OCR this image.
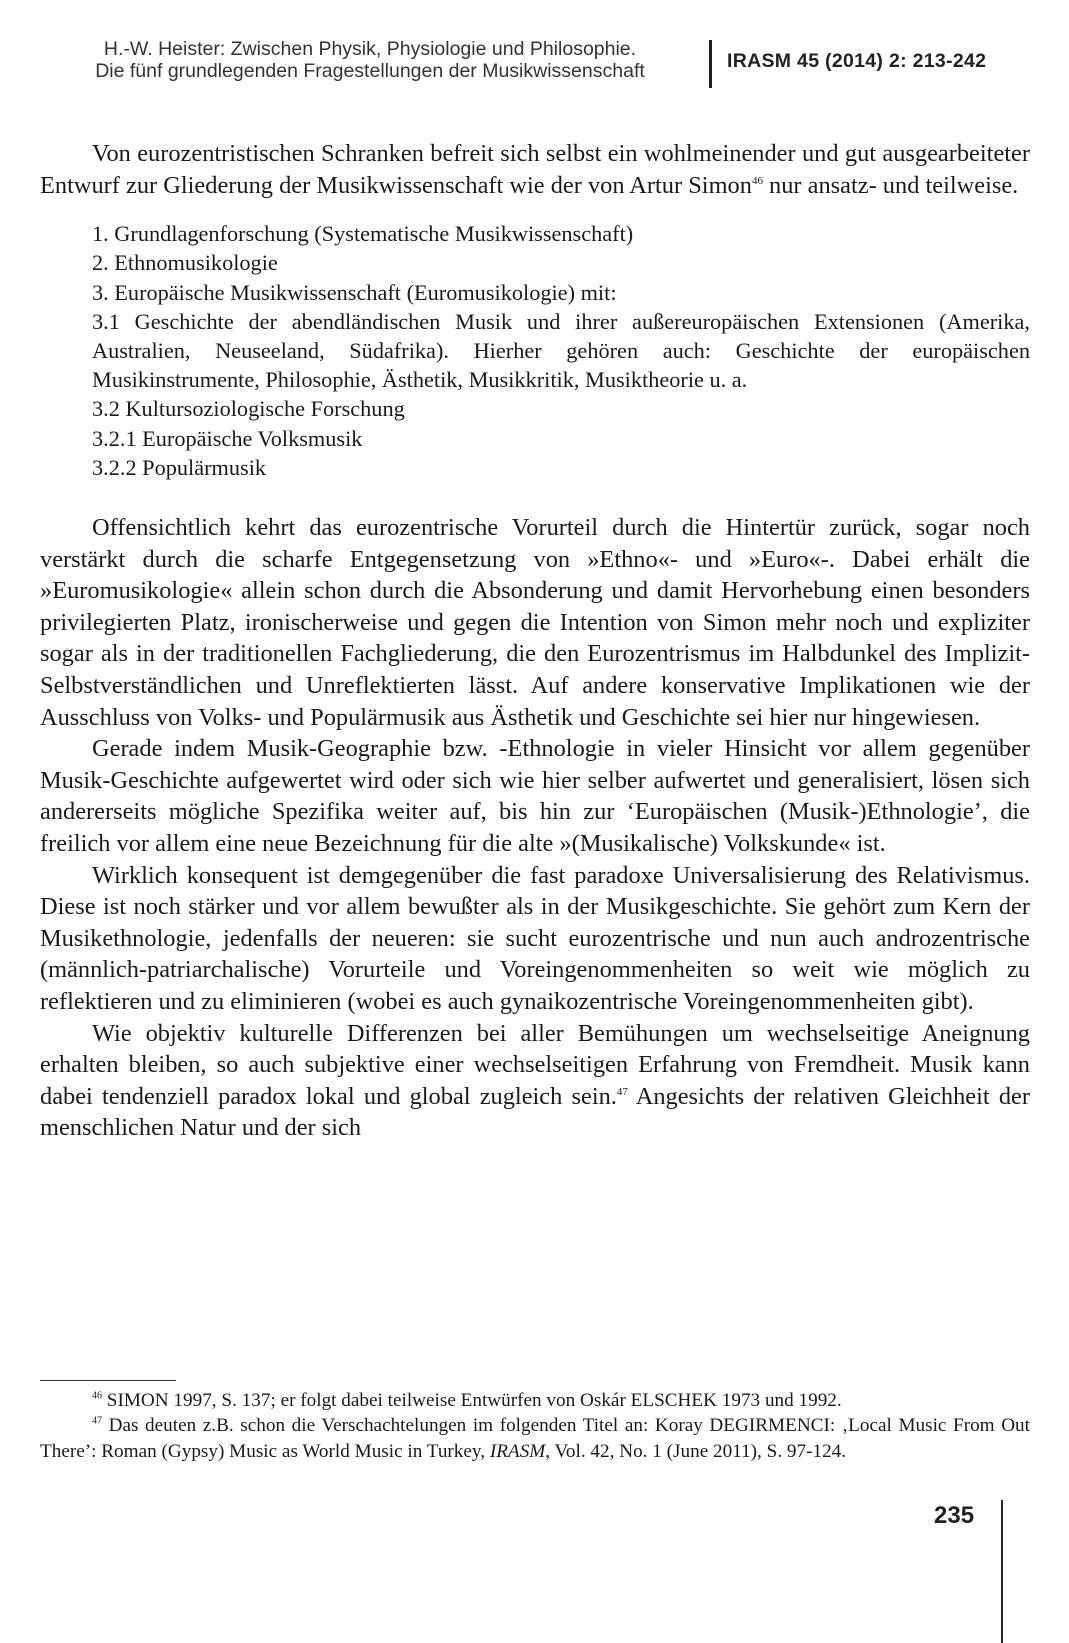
H.-W. Heister: Zwischen Physik, Physiologie und Philosophie.
Die fünf grundlegenden Fragestellungen der Musikwissenschaft	IRASM 45 (2014) 2: 213-242

Von eurozentristischen Schranken befreit sich selbst ein wohlmeinender und gut ausgearbeiteter Entwurf zur Gliederung der Musikwissenschaft wie der von Artur Simon$^{46}$ nur ansatz- und teilweise.

1. Grundlagenforschung (Systematische Musikwissenschaft)
2. Ethnomusikologie
3. Europäische Musikwissenschaft (Euromusikologie) mit:
3.1 Geschichte der abendländischen Musik und ihrer außereuropäischen Extensionen (Amerika, Australien, Neuseeland, Südafrika). Hierher gehören auch: Geschichte der europäischen Musikinstrumente, Philosophie, Ästhetik, Musikkritik, Musiktheorie u. a.
3.2 Kultursoziologische Forschung
3.2.1 Europäische Volksmusik
3.2.2 Populärmusik

Offensichtlich kehrt das eurozentrische Vorurteil durch die Hintertür zurück, sogar noch verstärkt durch die scharfe Entgegensetzung von »Ethno«- und »Euro«-. Dabei erhält die »Euromusikologie« allein schon durch die Absonderung und damit Hervorhebung einen besonders privilegierten Platz, ironischerweise und gegen die Intention von Simon mehr noch und expliziter sogar als in der traditionellen Fachgliederung, die den Eurozentrismus im Halbdunkel des Implizit-Selbstverständlichen und Unreflektierten lässt. Auf andere konservative Implikationen wie der Ausschluss von Volks- und Populärmusik aus Ästhetik und Geschichte sei hier nur hingewiesen.

Gerade indem Musik-Geographie bzw. -Ethnologie in vieler Hinsicht vor allem gegenüber Musik-Geschichte aufgewertet wird oder sich wie hier selber aufwertet und generalisiert, lösen sich andererseits mögliche Spezifika weiter auf, bis hin zur ‘Europäischen (Musik-)Ethnologie’, die freilich vor allem eine neue Bezeichnung für die alte »(Musikalische) Volkskunde« ist.

Wirklich konsequent ist demgegenüber die fast paradoxe Universalisierung des Relativismus. Diese ist noch stärker und vor allem bewußter als in der Musikgeschichte. Sie gehört zum Kern der Musikethnologie, jedenfalls der neueren: sie sucht eurozentrische und nun auch androzentrische (männlich-patriarchalische) Vorurteile und Voreingenommenheiten so weit wie möglich zu reflektieren und zu eliminieren (wobei es auch gynaikozentrische Voreingenommenheiten gibt).

Wie objektiv kulturelle Differenzen bei aller Bemühungen um wechselseitige Aneignung erhalten bleiben, so auch subjektive einer wechselseitigen Erfahrung von Fremdheit. Musik kann dabei tendenziell paradox lokal und global zugleich sein.$^{47}$ Angesichts der relativen Gleichheit der menschlichen Natur und der sich

$^{46}$ SIMON 1997, S. 137; er folgt dabei teilweise Entwürfen von Oskár ELSCHEK 1973 und 1992.

$^{47}$ Das deuten z.B. schon die Verschachtelungen im folgenden Titel an: Koray DEGIRMENCI: ‚Local Music From Out There’: Roman (Gypsy) Music as World Music in Turkey, IRASM, Vol. 42, No. 1 (June 2011), S. 97-124.

235
